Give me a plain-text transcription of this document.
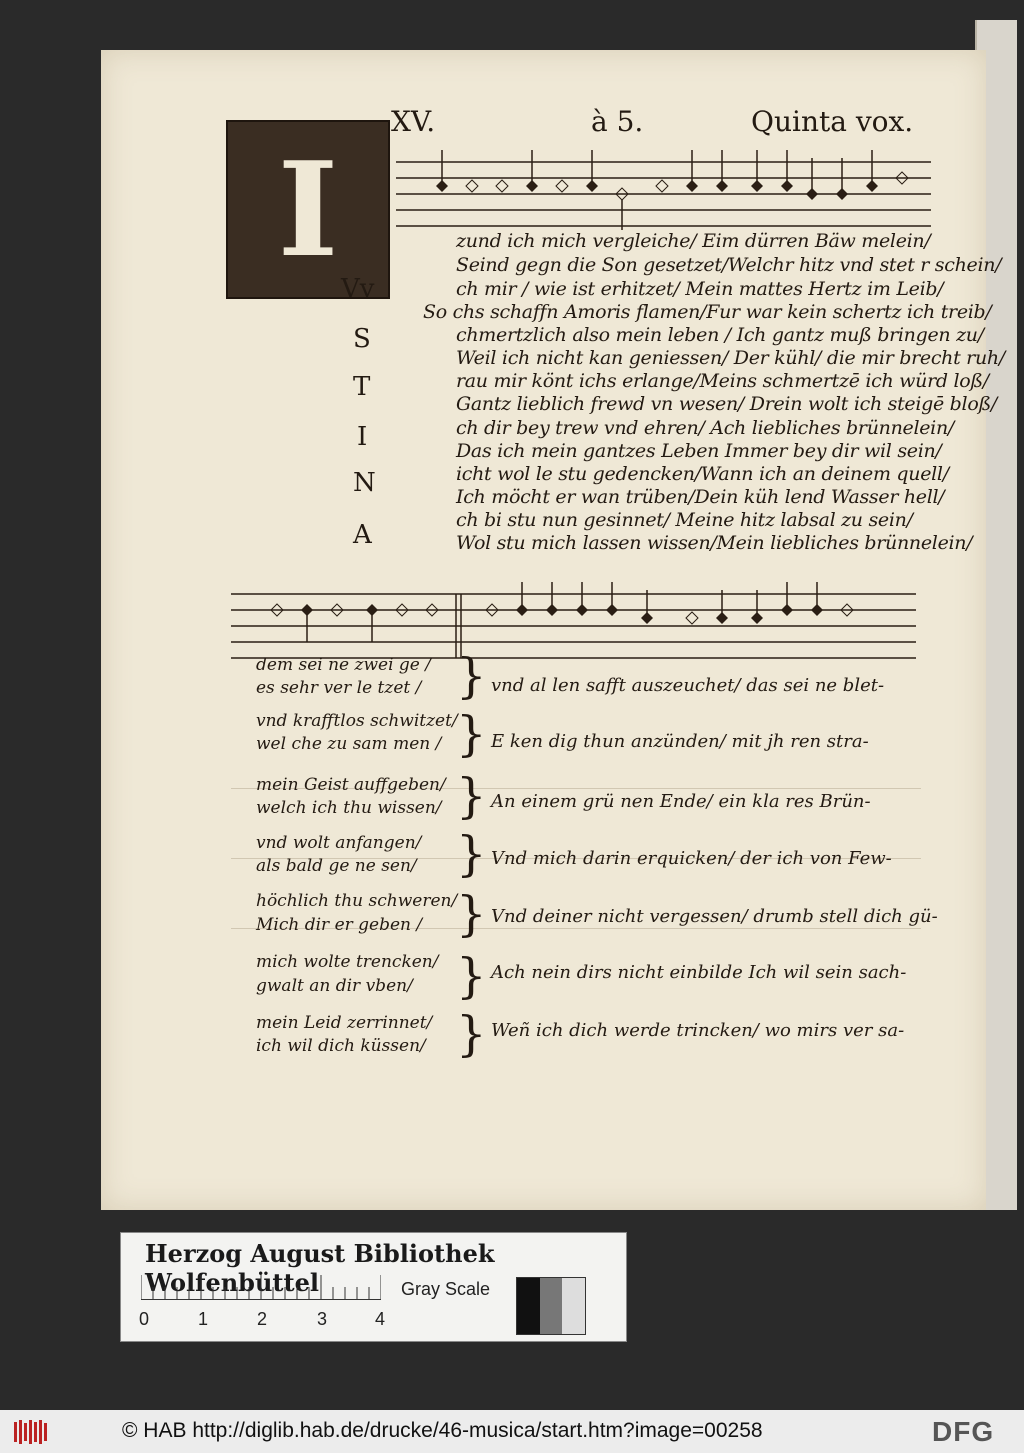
XV.	à 5.	Quinta vox.
I
Vv
S
T
I
N
A
zund ich mich vergleiche/ Eim dürren Bäw melein/
Seind gegn die Son gesetzet/Welchr hitz vnd stet r schein/
ch mir / wie ist erhitzet/ Mein mattes Hertz im Leib/
So chs schaffn Amoris flamen/Fur war kein schertz ich treib/
chmertzlich also mein leben / Ich gantz muß bringen zu/
Weil ich nicht kan geniessen/ Der kühl/ die mir brecht ruh/
rau mir könt ichs erlange/Meins schmertzē ich würd loß/
Gantz lieblich frewd vn wesen/ Drein wolt ich steigē bloß/
ch dir bey trew vnd ehren/ Ach liebliches brünnelein/
Das ich mein gantzes Leben Immer bey dir wil sein/
icht wol le stu gedencken/Wann ich an deinem quell/
Ich möcht er wan trüben/Dein küh lend Wasser hell/
ch bi stu nun gesinnet/ Meine hitz labsal zu sein/
Wol stu mich lassen wissen/Mein liebliches brünnelein/
dem sei ne zwei ge /
es sehr ver le tzet / } vnd al len safft auszeuchet/ das sei ne blet-
vnd krafftlos schwitzet/
wel che zu sam men / } E ken dig thun anzünden/ mit jh ren stra-
mein Geist auffgeben/
welch ich thu wissen/ } An einem grü nen Ende/ ein kla res Brün-
vnd wolt anfangen/
als bald ge ne sen/ } Vnd mich darin erquicken/ der ich von Few-
höchlich thu schweren/
Mich dir er geben / } Vnd deiner nicht vergessen/ drumb stell dich gü-
mich wolte trencken/
gwalt an dir vben/ } Ach nein dirs nicht einbilde Ich wil sein sach-
mein Leid zerrinnet/
ich wil dich küssen/ } Weñ ich dich werde trincken/ wo mirs ver sa-
Herzog August Bibliothek Wolfenbüttel
0	1	2	3	4
Gray Scale
© HAB http://diglib.hab.de/drucke/46-musica/start.htm?image=00258	DFG
